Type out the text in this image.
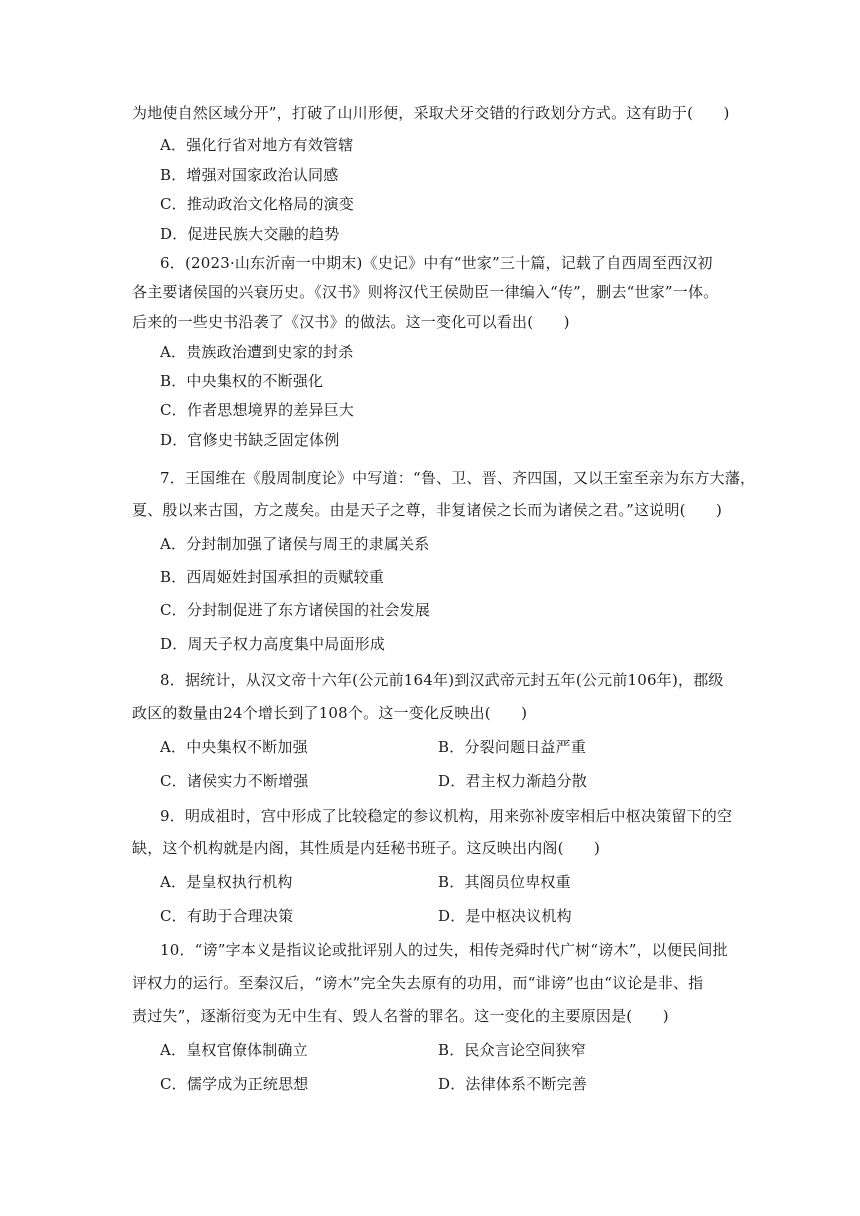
为地使自然区域分开”，打破了山川形便，采取犬牙交错的行政划分方式。这有助于(　　)
A．强化行省对地方有效管辖
B．增强对国家政治认同感
C．推动政治文化格局的演变
D．促进民族大交融的趋势
6．(2023·山东沂南一中期末)《史记》中有“世家”三十篇，记载了自西周至西汉初
各主要诸侯国的兴衰历史。《汉书》则将汉代王侯勋臣一律编入“传”，删去“世家”一体。
后来的一些史书沿袭了《汉书》的做法。这一变化可以看出(　　)
A．贵族政治遭到史家的封杀
B．中央集权的不断强化
C．作者思想境界的差异巨大
D．官修史书缺乏固定体例
7．王国维在《殷周制度论》中写道：“鲁、卫、晋、齐四国，又以王室至亲为东方大藩，
夏、殷以来古国，方之蔑矣。由是天子之尊，非复诸侯之长而为诸侯之君。”这说明(　　)
A．分封制加强了诸侯与周王的隶属关系
B．西周姬姓封国承担的贡赋较重
C．分封制促进了东方诸侯国的社会发展
D．周天子权力高度集中局面形成
8．据统计，从汉文帝十六年(公元前164年)到汉武帝元封五年(公元前106年)，郡级
政区的数量由24个增长到了108个。这一变化反映出(　　)
A．中央集权不断加强	B．分裂问题日益严重
C．诸侯实力不断增强	D．君主权力渐趋分散
9．明成祖时，宫中形成了比较稳定的参议机构，用来弥补废宰相后中枢决策留下的空
缺，这个机构就是内阁，其性质是内廷秘书班子。这反映出内阁(　　)
A．是皇权执行机构	B．其阁员位卑权重
C．有助于合理决策	D．是中枢决议机构
10．“谤”字本义是指议论或批评别人的过失，相传尧舜时代广树“谤木”，以便民间批
评权力的运行。至秦汉后，“谤木”完全失去原有的功用，而“诽谤”也由“议论是非、指
责过失”，逐渐衍变为无中生有、毁人名誉的罪名。这一变化的主要原因是(　　)
A．皇权官僚体制确立	B．民众言论空间狭窄
C．儒学成为正统思想	D．法律体系不断完善
